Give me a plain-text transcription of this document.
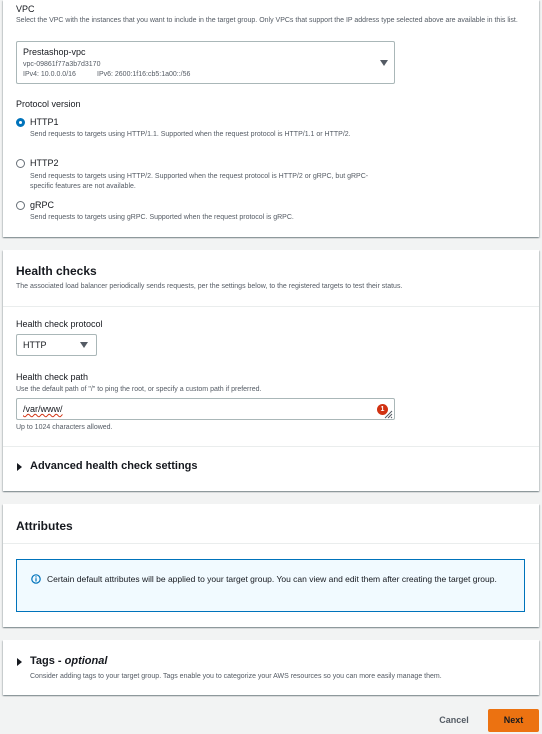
VPC
Select the VPC with the instances that you want to include in the target group. Only VPCs that support the IP address type selected above are available in this list.
Prestashop-vpc
vpc-09861f77a3b7d3170
IPv4: 10.0.0.0/16	IPv6: 2600:1f16:cb5:1a00::/56
Protocol version
HTTP1
Send requests to targets using HTTP/1.1. Supported when the request protocol is HTTP/1.1 or HTTP/2.
HTTP2
Send requests to targets using HTTP/2. Supported when the request protocol is HTTP/2 or gRPC, but gRPC-specific features are not available.
gRPC
Send requests to targets using gRPC. Supported when the request protocol is gRPC.
Health checks
The associated load balancer periodically sends requests, per the settings below, to the registered targets to test their status.
Health check protocol
HTTP
Health check path
Use the default path of "/" to ping the root, or specify a custom path if preferred.
/var/www/	1
Up to 1024 characters allowed.
Advanced health check settings
Attributes
Certain default attributes will be applied to your target group. You can view and edit them after creating the target group.
Tags - optional
Consider adding tags to your target group. Tags enable you to categorize your AWS resources so you can more easily manage them.
Cancel	Next
